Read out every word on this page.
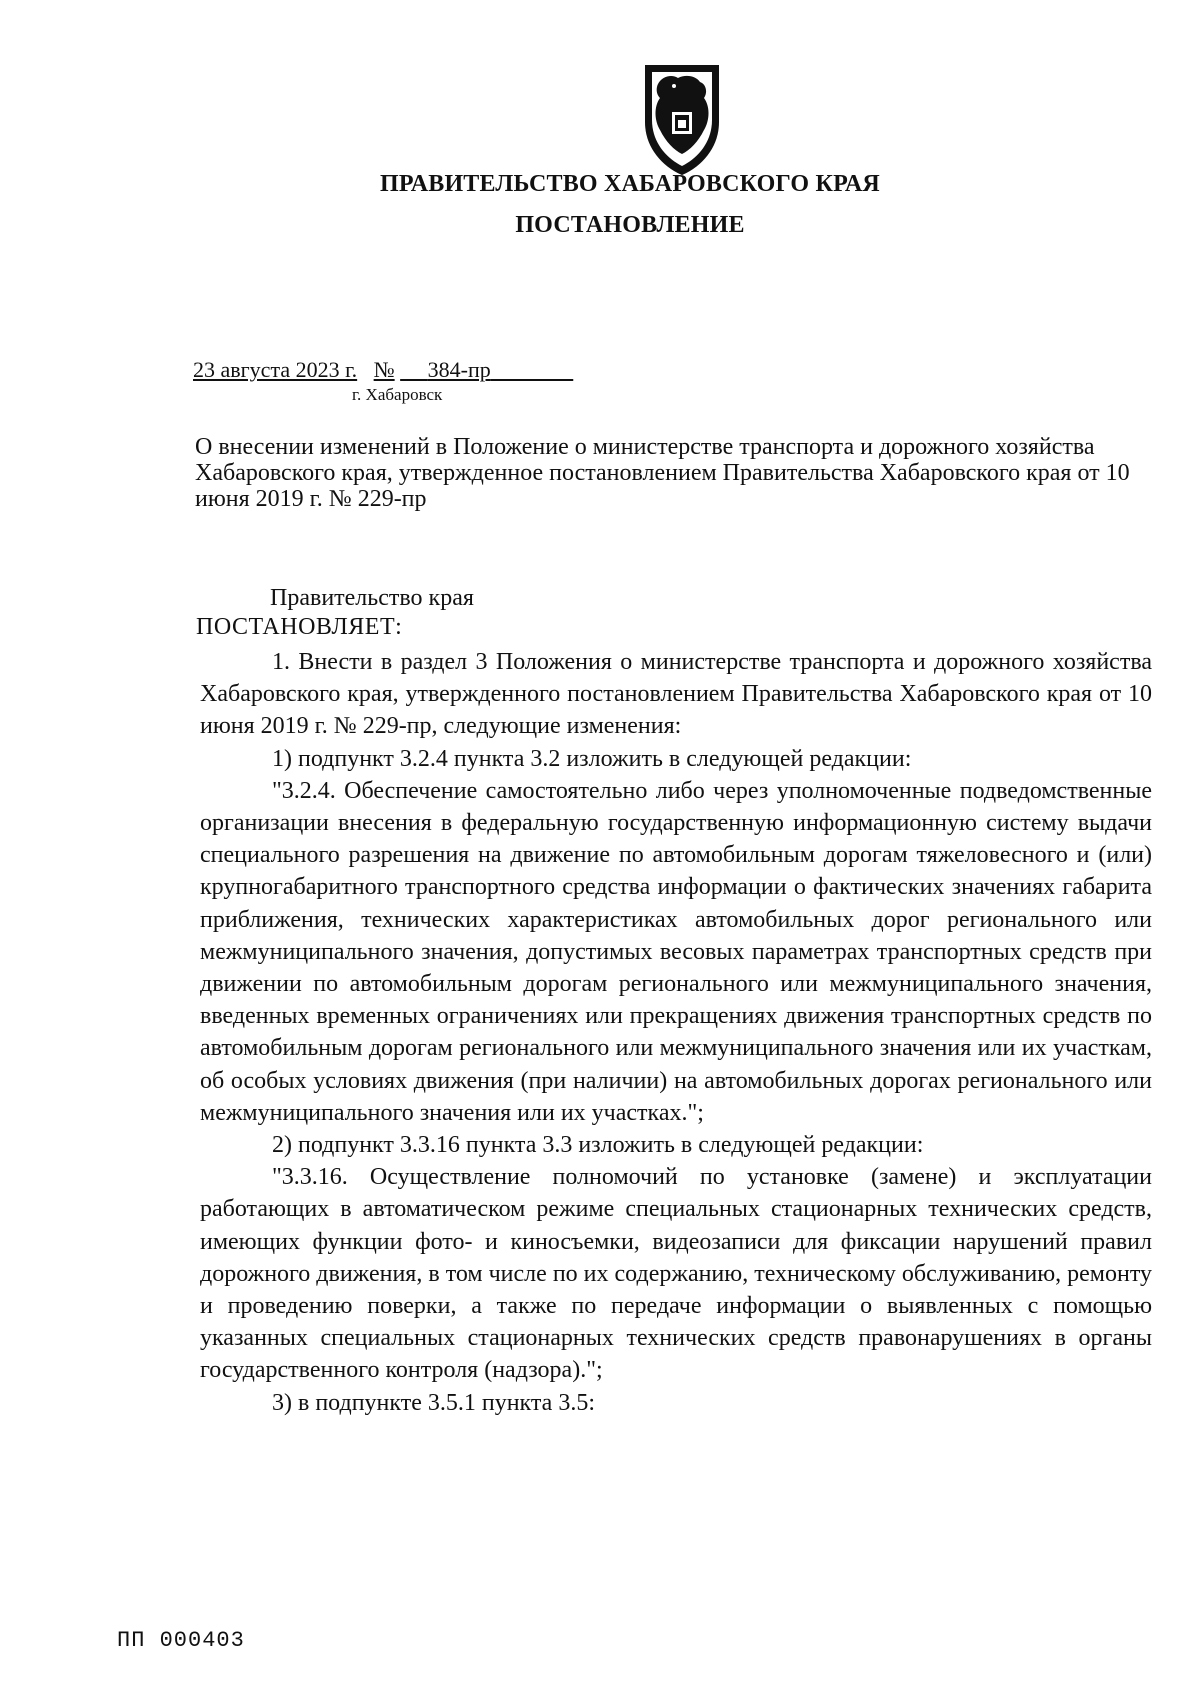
ПРАВИТЕЛЬСТВО ХАБАРОВСКОГО КРАЯ
ПОСТАНОВЛЕНИЕ
23 августа 2023 г. № 384-пр
г. Хабаровск
О внесении изменений в Положение о министерстве транспорта и дорожного хозяйства Хабаровского края, утвержденное постановлением Правительства Хабаровского края от 10 июня 2019 г. № 229-пр
Правительство края
ПОСТАНОВЛЯЕТ:

1. Внести в раздел 3 Положения о министерстве транспорта и дорожного хозяйства Хабаровского края, утвержденного постановлением Правительства Хабаровского края от 10 июня 2019 г. № 229-пр, следующие изменения:

1) подпункт 3.2.4 пункта 3.2 изложить в следующей редакции:

"3.2.4. Обеспечение самостоятельно либо через уполномоченные подведомственные организации внесения в федеральную государственную информационную систему выдачи специального разрешения на движение по автомобильным дорогам тяжеловесного и (или) крупногабаритного транспортного средства информации о фактических значениях габарита приближения, технических характеристиках автомобильных дорог регионального или межмуниципального значения, допустимых весовых параметрах транспортных средств при движении по автомобильным дорогам регионального или межмуниципального значения, введенных временных ограничениях или прекращениях движения транспортных средств по автомобильным дорогам регионального или межмуниципального значения или их участкам, об особых условиях движения (при наличии) на автомобильных дорогах регионального или межмуниципального значения или их участках.";

2) подпункт 3.3.16 пункта 3.3 изложить в следующей редакции:

"3.3.16. Осуществление полномочий по установке (замене) и эксплуатации работающих в автоматическом режиме специальных стационарных технических средств, имеющих функции фото- и киносъемки, видеозаписи для фиксации нарушений правил дорожного движения, в том числе по их содержанию, техническому обслуживанию, ремонту и проведению поверки, а также по передаче информации о выявленных с помощью указанных специальных стационарных технических средств правонарушениях в органы государственного контроля (надзора).";

3) в подпункте 3.5.1 пункта 3.5:

ПП 000403
